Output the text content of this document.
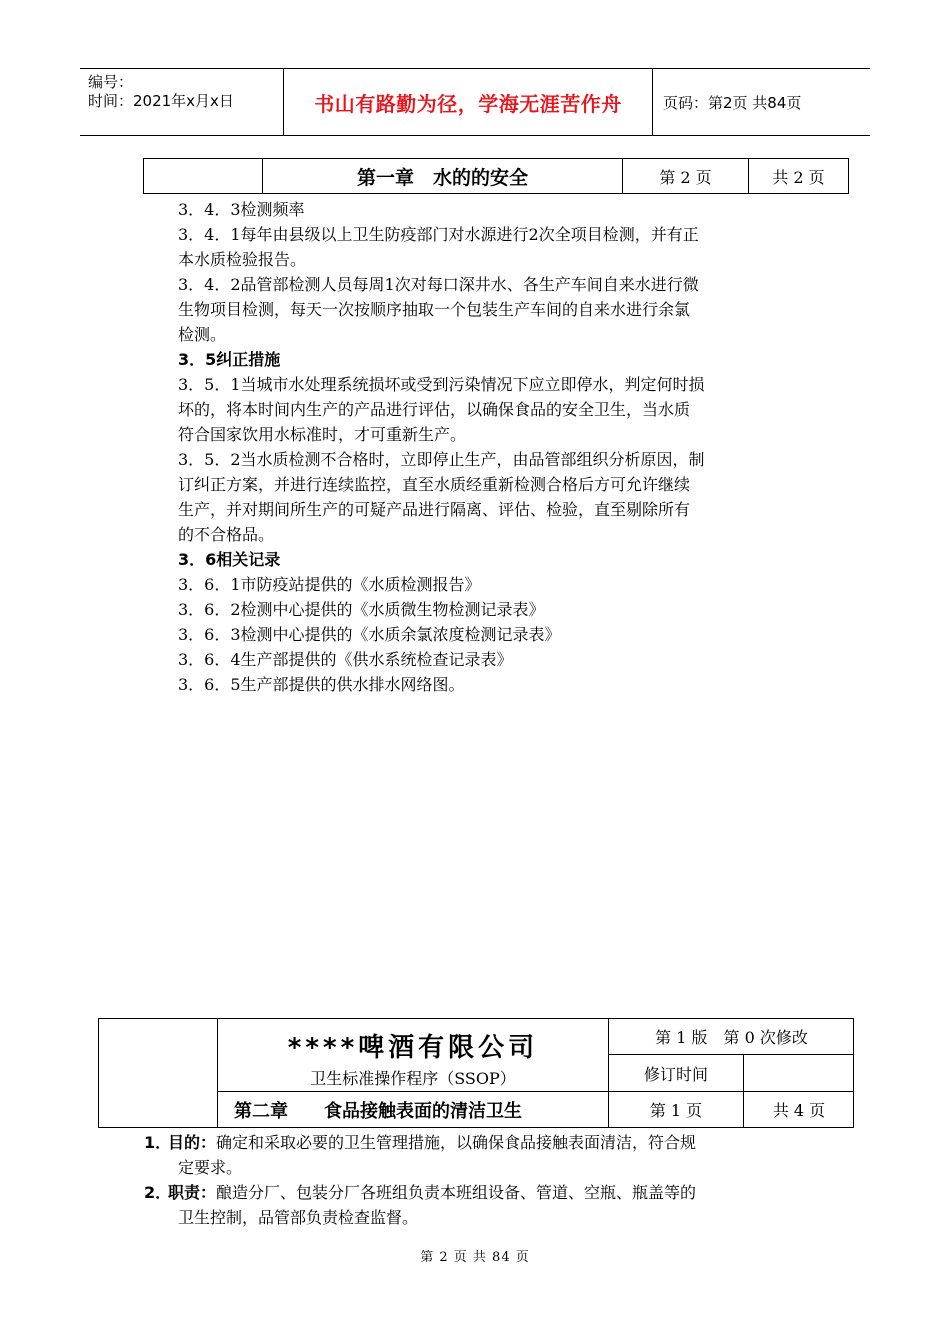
编号：
时间：2021年x月x日	书山有路勤为径，学海无涯苦作舟	页码：第2页 共84页
第一章　水的的安全	第 2 页	共 2 页

3．4．3检测频率

3．4．1每年由县级以上卫生防疫部门对水源进行2次全项目检测，并有正

本水质检验报告。

3．4．2品管部检测人员每周1次对每口深井水、各生产车间自来水进行微

生物项目检测，每天一次按顺序抽取一个包装生产车间的自来水进行余氯

检测。

3．5纠正措施

3．5．1当城市水处理系统损坏或受到污染情况下应立即停水，判定何时损

坏的，将本时间内生产的产品进行评估，以确保食品的安全卫生，当水质

符合国家饮用水标准时，才可重新生产。

3．5．2当水质检测不合格时，立即停止生产，由品管部组织分析原因，制

订纠正方案，并进行连续监控，直至水质经重新检测合格后方可允许继续

生产，并对期间所生产的可疑产品进行隔离、评估、检验，直至剔除所有

的不合格品。

3．6相关记录

3．6．1市防疫站提供的《水质检测报告》

3．6．2检测中心提供的《水质微生物检测记录表》

3．6．3检测中心提供的《水质余氯浓度检测记录表》

3．6．4生产部提供的《供水系统检查记录表》

3．6．5生产部提供的供水排水网络图。

****啤酒有限公司
卫生标准操作程序（SSOP）
第 1 版　第 0 次修改
修订时间
第二章　　食品接触表面的清洁卫生	第 1 页	共 4 页
1．
目的：确定和采取必要的卫生管理措施，以确保食品接触表面清洁，符合规
定要求。
2．
职责：酿造分厂、包装分厂各班组负责本班组设备、管道、空瓶、瓶盖等的
卫生控制，品管部负责检查监督。
第 2 页 共 84 页
